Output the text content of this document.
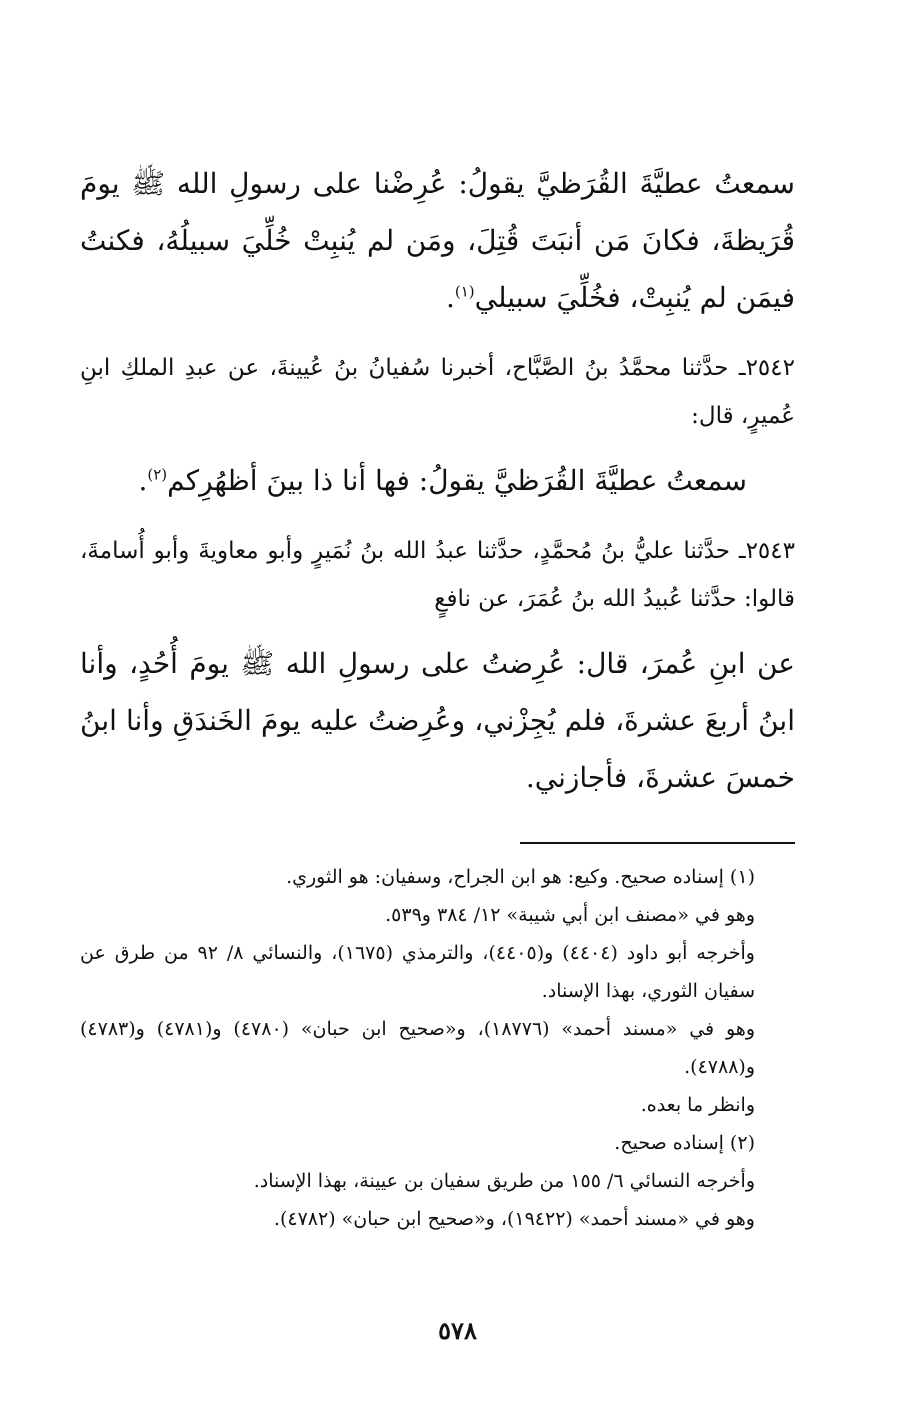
سمعتُ عطيَّةَ القُرَظيَّ يقولُ: عُرِضْنا على رسولِ الله ﷺ يومَ قُرَيظةَ، فكانَ مَن أنبَتَ قُتِلَ، ومَن لم يُنبِتْ خُلِّيَ سبيلُهُ، فكنتُ فيمَن لم يُنبِتْ، فخُلِّيَ سبيلي$^{(١)}$.

٢٥٤٢ـ حدَّثنا محمَّدُ بنُ الصَّبَّاح، أخبرنا سُفيانُ بنُ عُيينةَ، عن عبدِ الملكِ ابنِ عُميرٍ، قال:

سمعتُ عطيَّةَ القُرَظيَّ يقولُ: فها أنا ذا بينَ أظهُرِكم$^{(٢)}$.

٢٥٤٣ـ حدَّثنا عليُّ بنُ مُحمَّدٍ، حدَّثنا عبدُ الله بنُ نُمَيرٍ وأبو معاويةَ وأبو أُسامةَ، قالوا: حدَّثنا عُبيدُ الله بنُ عُمَرَ، عن نافعٍ

عن ابنِ عُمرَ، قال: عُرِضتُ على رسولِ الله ﷺ يومَ أُحُدٍ، وأنا ابنُ أربعَ عشرةَ، فلم يُجِزْني، وعُرِضتُ عليه يومَ الخَندَقِ وأنا ابنُ خمسَ عشرةَ، فأجازني.

(١) إسناده صحيح. وكيع: هو ابن الجراح، وسفيان: هو الثوري.

وهو في «مصنف ابن أبي شيبة» ١٢/ ٣٨٤ و٥٣٩.

وأخرجه أبو داود (٤٤٠٤) و(٤٤٠٥)، والترمذي (١٦٧٥)، والنسائي ٨/ ٩٢ من طرق عن سفيان الثوري، بهذا الإسناد.

وهو في «مسند أحمد» (١٨٧٧٦)، و«صحيح ابن حبان» (٤٧٨٠) و(٤٧٨١) و(٤٧٨٣) و(٤٧٨٨).

وانظر ما بعده.

(٢) إسناده صحيح.

وأخرجه النسائي ٦/ ١٥٥ من طريق سفيان بن عيينة، بهذا الإسناد.

وهو في «مسند أحمد» (١٩٤٢٢)، و«صحيح ابن حبان» (٤٧٨٢).

٥٧٨
